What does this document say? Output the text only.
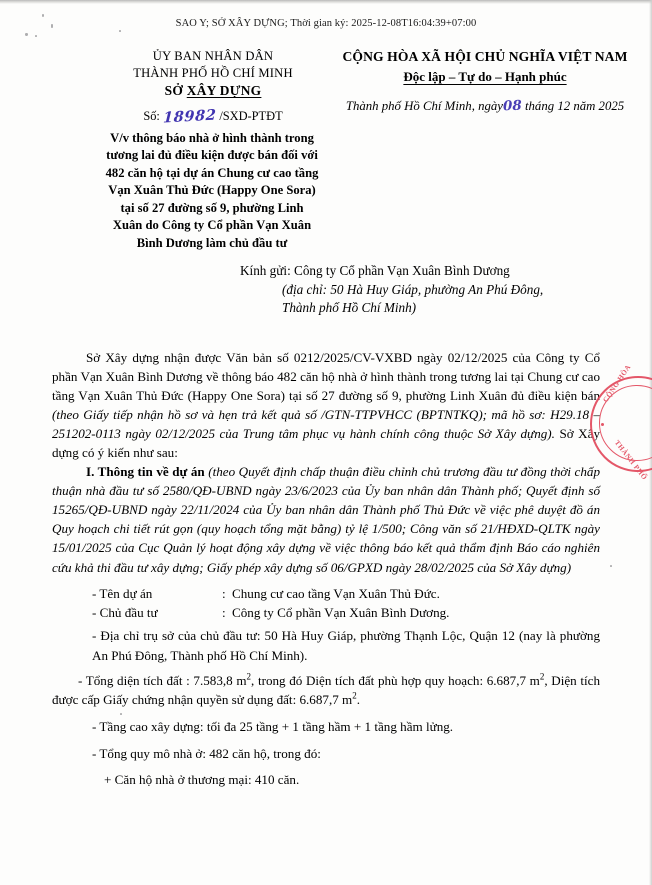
SAO Y; SỞ XÂY DỰNG; Thời gian ký: 2025-12-08T16:04:39+07:00
ỦY BAN NHÂN DÂN
THÀNH PHỐ HỒ CHÍ MINH
SỞ XÂY DỰNG
Số: 18982 /SXD-PTĐT
CỘNG HÒA XÃ HỘI CHỦ NGHĨA VIỆT NAM
Độc lập – Tự do – Hạnh phúc
Thành phố Hồ Chí Minh, ngày08 tháng 12 năm 2025
V/v thông báo nhà ở hình thành trong
tương lai đủ điều kiện được bán đối với
482 căn hộ tại dự án Chung cư cao tầng
Vạn Xuân Thủ Đức (Happy One Sora)
tại số 27 đường số 9, phường Linh
Xuân do Công ty Cổ phần Vạn Xuân
Bình Dương làm chủ đầu tư
Kính gửi: Công ty Cổ phần Vạn Xuân Bình Dương
(địa chỉ: 50 Hà Huy Giáp, phường An Phú Đông,
Thành phố Hồ Chí Minh)

Sở Xây dựng nhận được Văn bản số 0212/2025/CV-VXBD ngày 02/12/2025 của Công ty Cổ phần Vạn Xuân Bình Dương về thông báo 482 căn hộ nhà ở hình thành trong tương lai tại Chung cư cao tầng Vạn Xuân Thủ Đức (Happy One Sora) tại số 27 đường số 9, phường Linh Xuân đủ điều kiện bán (theo Giấy tiếp nhận hồ sơ và hẹn trả kết quả số /GTN-TTPVHCC (BPTNTKQ); mã hồ sơ: H29.18 – 251202-0113 ngày 02/12/2025 của Trung tâm phục vụ hành chính công thuộc Sở Xây dựng). Sở Xây dựng có ý kiến như sau:

I. Thông tin về dự án (theo Quyết định chấp thuận điều chỉnh chủ trương đầu tư đồng thời chấp thuận nhà đầu tư số 2580/QĐ-UBND ngày 23/6/2023 của Ủy ban nhân dân Thành phố; Quyết định số 15265/QĐ-UBND ngày 22/11/2024 của Ủy ban nhân dân Thành phố Thủ Đức về việc phê duyệt đồ án Quy hoạch chi tiết rút gọn (quy hoạch tổng mặt bằng) tỷ lệ 1/500; Công văn số 21/HĐXD-QLTK ngày 15/01/2025 của Cục Quản lý hoạt động xây dựng về việc thông báo kết quả thẩm định Báo cáo nghiên cứu khả thi đầu tư xây dựng; Giấy phép xây dựng số 06/GPXD ngày 28/02/2025 của Sở Xây dựng)

- Tên dự án	: Chung cư cao tầng Vạn Xuân Thủ Đức.
- Chủ đầu tư	: Công ty Cổ phần Vạn Xuân Bình Dương.
- Địa chỉ trụ sở của chủ đầu tư: 50 Hà Huy Giáp, phường Thạnh Lộc, Quận 12 (nay là phường An Phú Đông, Thành phố Hồ Chí Minh).
- Tổng diện tích đất : 7.583,8 $m^2$, trong đó Diện tích đất phù hợp quy hoạch: 6.687,7 $m^2$, Diện tích được cấp Giấy chứng nhận quyền sử dụng đất: 6.687,7 $m^2$.
- Tầng cao xây dựng: tối đa 25 tầng + 1 tầng hầm + 1 tầng hầm lửng.
- Tổng quy mô nhà ở: 482 căn hộ, trong đó:
+ Căn hộ nhà ở thương mại: 410 căn.
CỘNG HÒA
THÀNH PHỐ
